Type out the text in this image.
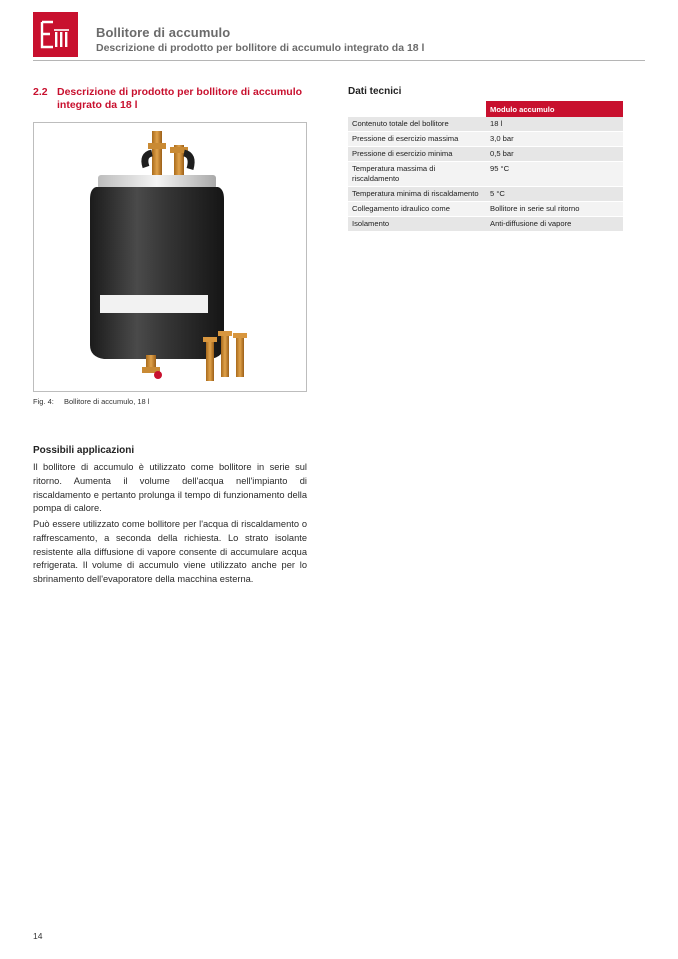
Bollitore di accumulo
Descrizione di prodotto per bollitore di accumulo integrato da 18 l
2.2 Descrizione di prodotto per bollitore di accumulo integrato da 18 l
Fig. 4: Bollitore di accumulo, 18 l
Possibili applicazioni

Il bollitore di accumulo è utilizzato come bollitore in serie sul ritorno. Aumenta il volume dell'acqua nell'impianto di riscaldamento e pertanto prolunga il tempo di funzionamento della pompa di calore.

Può essere utilizzato come bollitore per l'acqua di riscaldamento o raffrescamento, a seconda della richiesta. Lo strato isolante resistente alla diffusione di vapore consente di accumulare acqua refrigerata. Il volume di accumulo viene utilizzato anche per lo sbrinamento dell'evaporatore della macchina esterna.

Dati tecnici
	Modulo accumulo
Contenuto totale del bollitore	18 l
Pressione di esercizio massima	3,0 bar
Pressione di esercizio minima	0,5 bar
Temperatura massima di riscaldamento	95 °C
Temperatura minima di riscaldamento	5 °C
Collegamento idraulico come	Bollitore in serie sul ritorno
Isolamento	Anti-diffusione di vapore
14
